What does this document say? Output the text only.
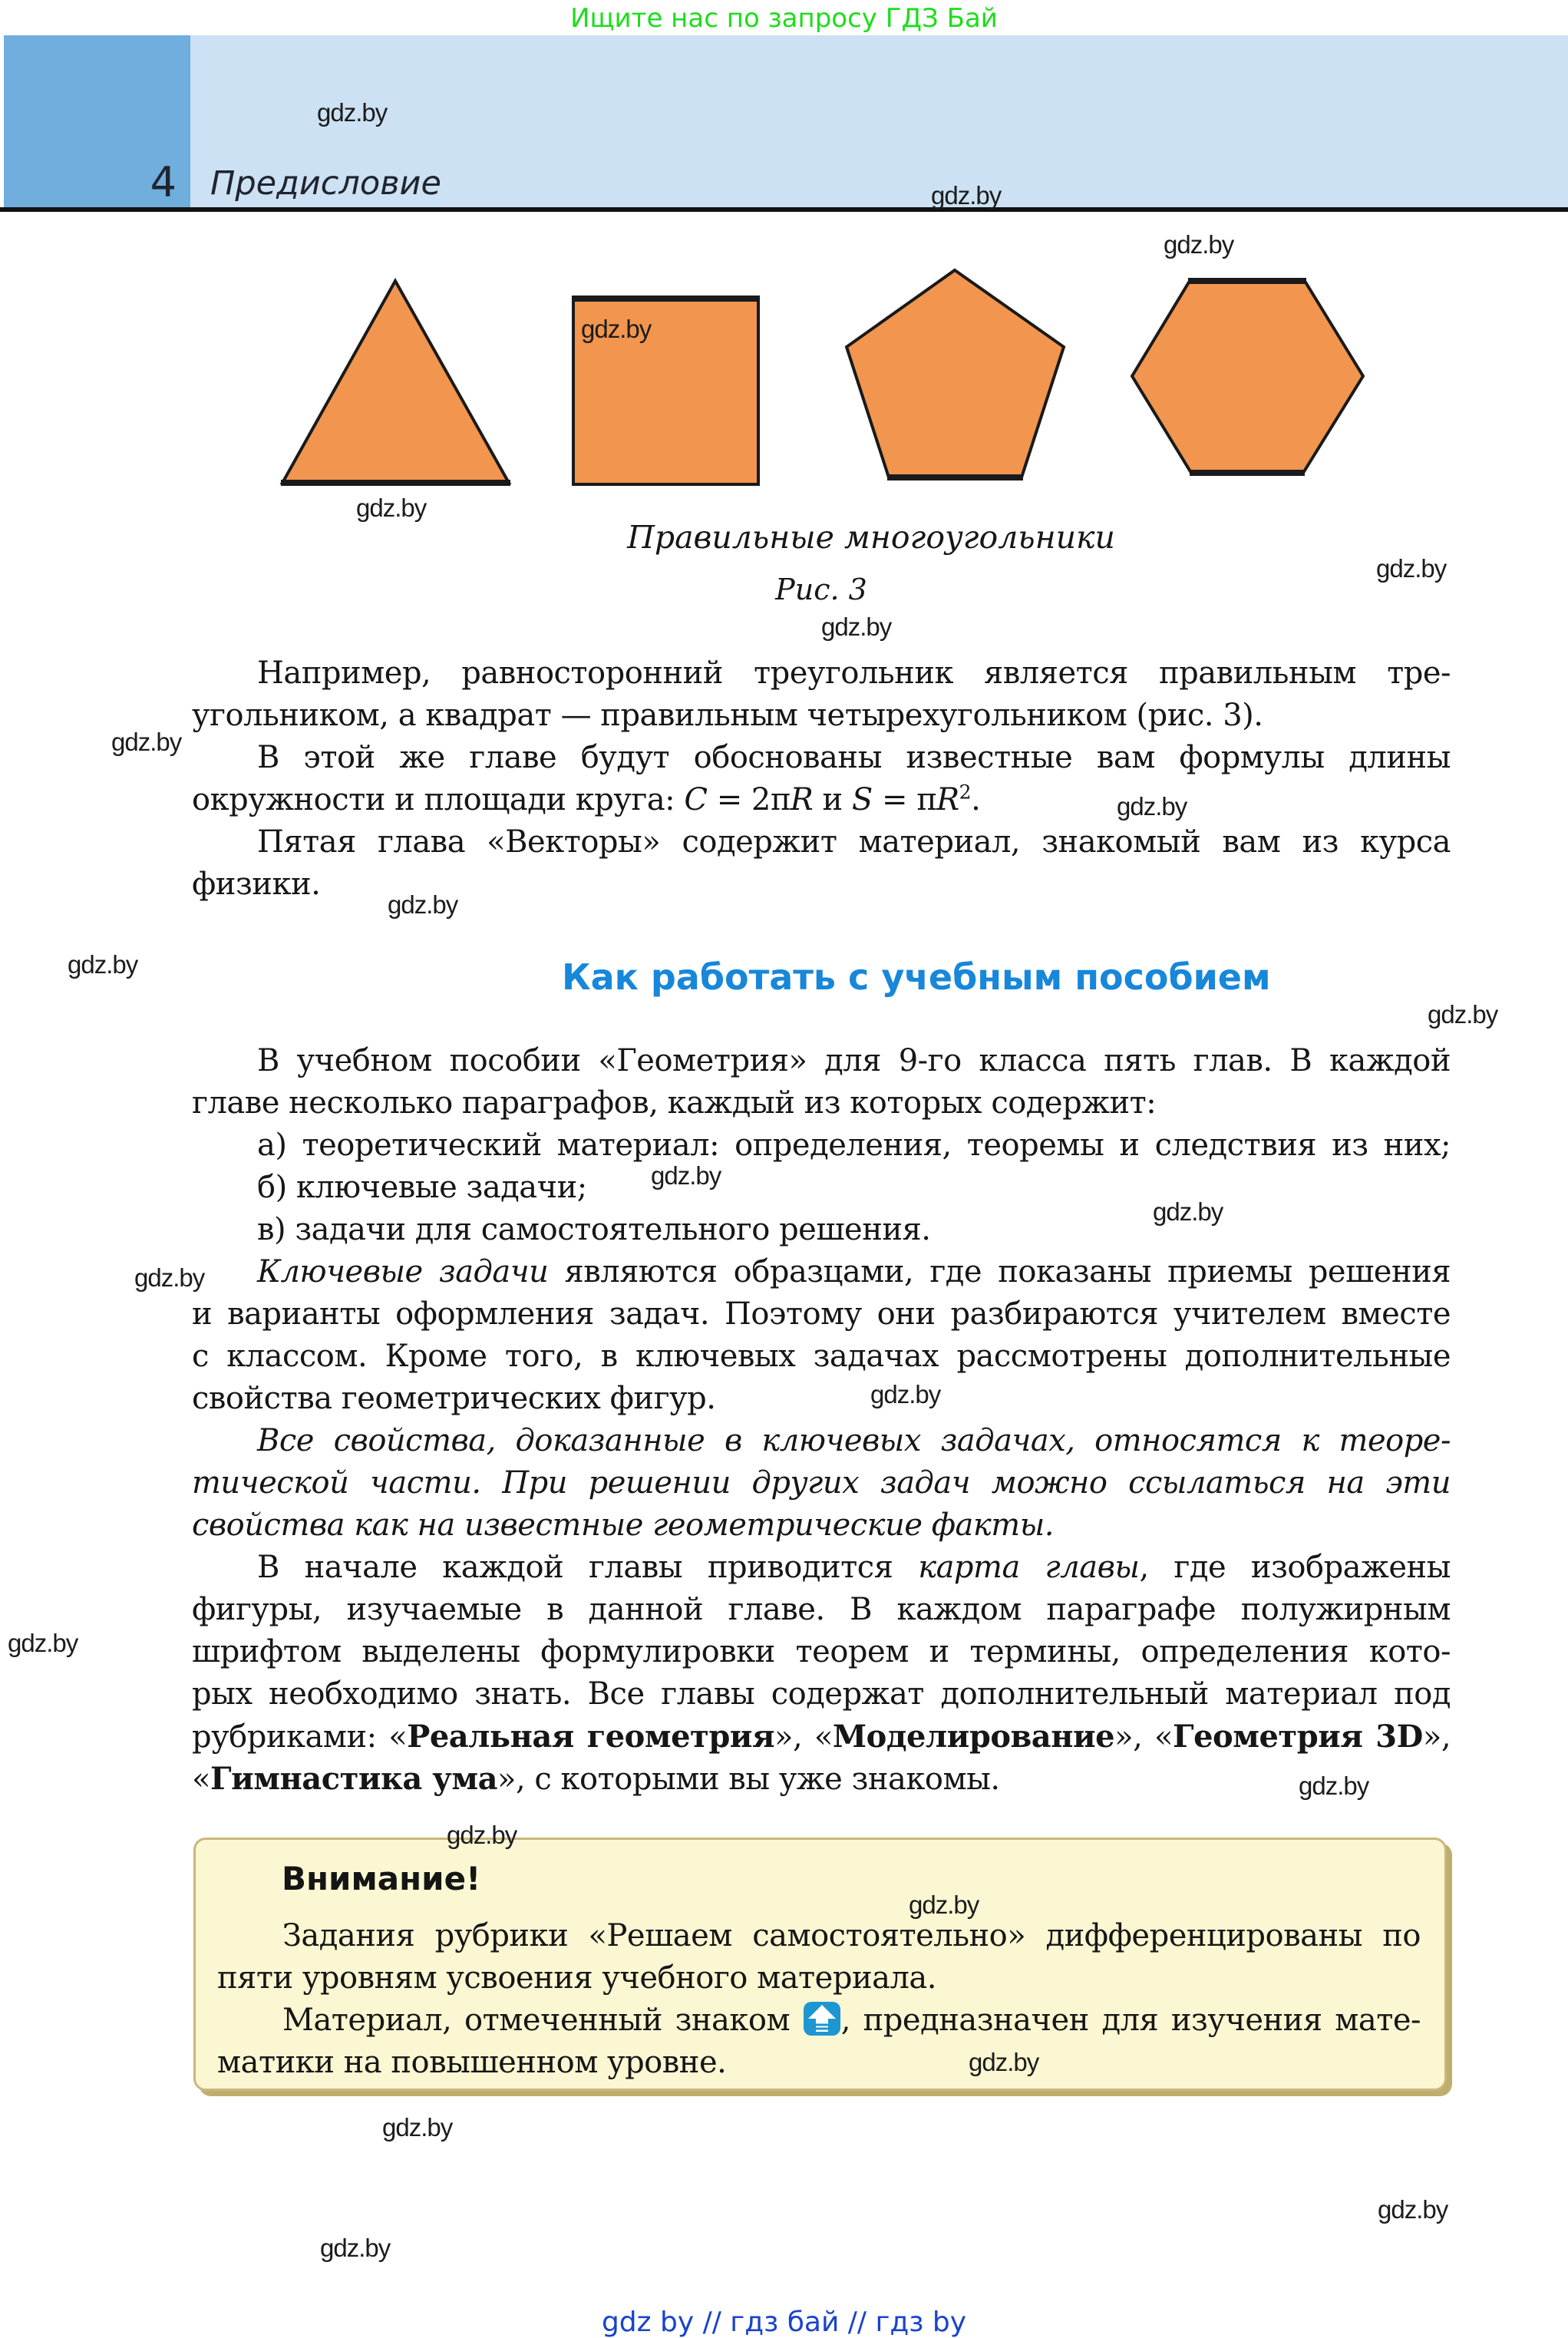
Ищите нас по запросу ГДЗ Бай
4 Предисловие
Правильные многоугольники
Рис. 3
Например, равносторонний треугольник является правильным тре-
угольником, а квадрат — правильным четырехугольником (рис. 3).
В этой же главе будут обоснованы известные вам формулы длины
окружности и площади круга: C = 2πR и $S = \pi R^2$.
Пятая глава «Векторы» содержит материал, знакомый вам из курса
физики.
Как работать с учебным пособием
В учебном пособии «Геометрия» для 9-го класса пять глав. В каждой
главе несколько параграфов, каждый из которых содержит:
а) теоретический материал: определения, теоремы и следствия из них;
б) ключевые задачи;
в) задачи для самостоятельного решения.
Ключевые задачи являются образцами, где показаны приемы решения
и варианты оформления задач. Поэтому они разбираются учителем вместе
с классом. Кроме того, в ключевых задачах рассмотрены дополнительные
свойства геометрических фигур.
Все свойства, доказанные в ключевых задачах, относятся к теоре-
тической части. При решении других задач можно ссылаться на эти
свойства как на известные геометрические факты.
В начале каждой главы приводится карта главы, где изображены
фигуры, изучаемые в данной главе. В каждом параграфе полужирным
шрифтом выделены формулировки теорем и термины, определения кото-
рых необходимо знать. Все главы содержат дополнительный материал под
рубриками: «Реальная геометрия», «Моделирование», «Геометрия 3D»,
«Гимнастика ума», с которыми вы уже знакомы.
Внимание!
Задания рубрики «Решаем самостоятельно» дифференцированы по
пяти уровням усвоения учебного материала.
Материал, отмеченный знаком , предназначен для изучения мате-
матики на повышенном уровне.
gdz by // гдз бай // гдз by
gdz.by
gdz.by
gdz.by
gdz.by
gdz.by
gdz.by
gdz.by
gdz.by
gdz.by
gdz.by
gdz.by
gdz.by
gdz.by
gdz.by
gdz.by
gdz.by
gdz.by
gdz.by
gdz.by
gdz.by
gdz.by
gdz.by
gdz.by
gdz.by
